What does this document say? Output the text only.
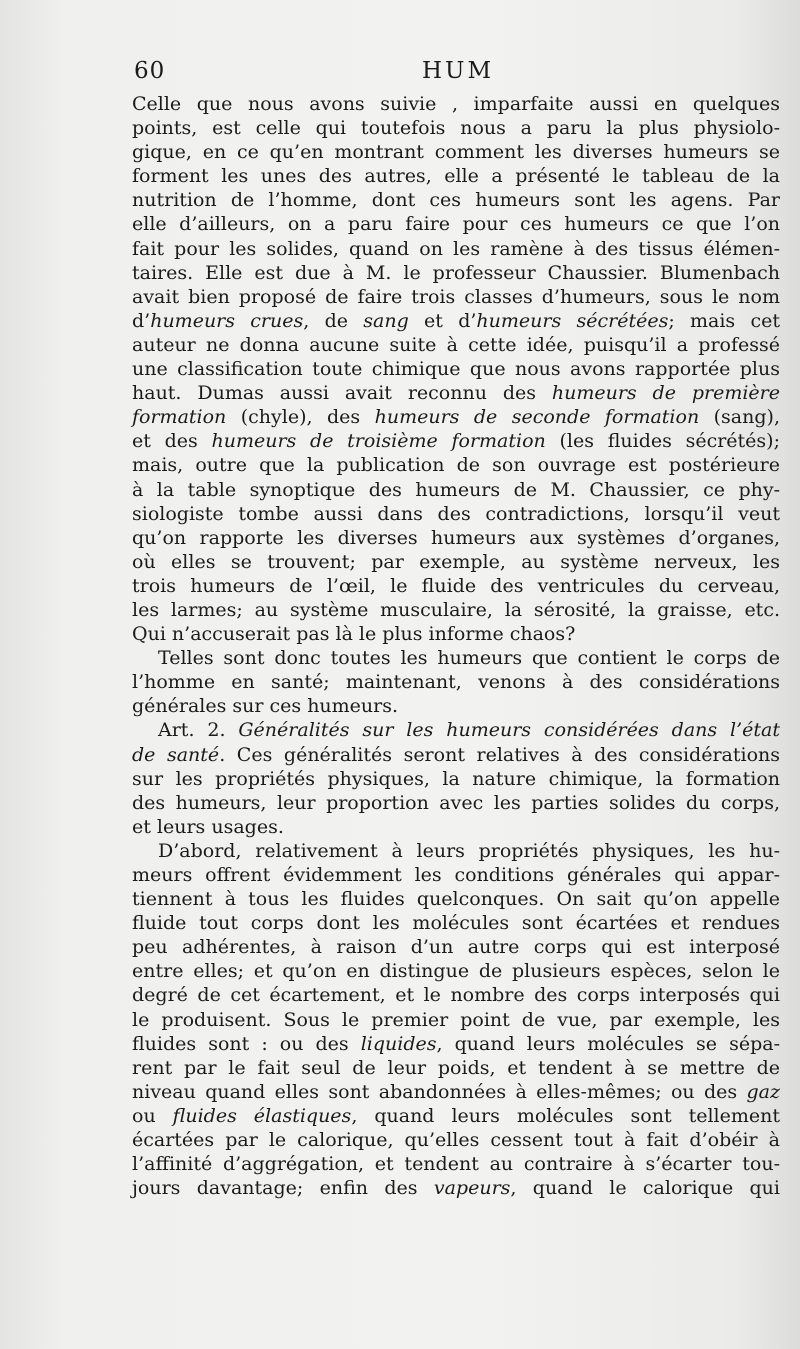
60	HUM
Celle que nous avons suivie , imparfaite aussi en quelques
points, est celle qui toutefois nous a paru la plus physiolo-
gique, en ce qu’en montrant comment les diverses humeurs se
forment les unes des autres, elle a présenté le tableau de la
nutrition de l’homme, dont ces humeurs sont les agens. Par
elle d’ailleurs, on a paru faire pour ces humeurs ce que l’on
fait pour les solides, quand on les ramène à des tissus élémen-
taires. Elle est due à M. le professeur Chaussier. Blumenbach
avait bien proposé de faire trois classes d’humeurs, sous le nom
d’humeurs crues, de sang et d’humeurs sécrétées; mais cet
auteur ne donna aucune suite à cette idée, puisqu’il a professé
une classification toute chimique que nous avons rapportée plus
haut. Dumas aussi avait reconnu des humeurs de première
formation (chyle), des humeurs de seconde formation (sang),
et des humeurs de troisième formation (les fluides sécrétés);
mais, outre que la publication de son ouvrage est postérieure
à la table synoptique des humeurs de M. Chaussier, ce phy-
siologiste tombe aussi dans des contradictions, lorsqu’il veut
qu’on rapporte les diverses humeurs aux systèmes d’organes,
où elles se trouvent; par exemple, au système nerveux, les
trois humeurs de l’œil, le fluide des ventricules du cerveau,
les larmes; au système musculaire, la sérosité, la graisse, etc.
Qui n’accuserait pas là le plus informe chaos?
Telles sont donc toutes les humeurs que contient le corps de
l’homme en santé; maintenant, venons à des considérations
générales sur ces humeurs.
Art. 2. Généralités sur les humeurs considérées dans l’état
de santé. Ces généralités seront relatives à des considérations
sur les propriétés physiques, la nature chimique, la formation
des humeurs, leur proportion avec les parties solides du corps,
et leurs usages.
D’abord, relativement à leurs propriétés physiques, les hu-
meurs offrent évidemment les conditions générales qui appar-
tiennent à tous les fluides quelconques. On sait qu’on appelle
fluide tout corps dont les molécules sont écartées et rendues
peu adhérentes, à raison d’un autre corps qui est interposé
entre elles; et qu’on en distingue de plusieurs espèces, selon le
degré de cet écartement, et le nombre des corps interposés qui
le produisent. Sous le premier point de vue, par exemple, les
fluides sont : ou des liquides, quand leurs molécules se sépa-
rent par le fait seul de leur poids, et tendent à se mettre de
niveau quand elles sont abandonnées à elles-mêmes; ou des gaz
ou fluides élastiques, quand leurs molécules sont tellement
écartées par le calorique, qu’elles cessent tout à fait d’obéir à
l’affinité d’aggrégation, et tendent au contraire à s’écarter tou-
jours davantage; enfin des vapeurs, quand le calorique qui
